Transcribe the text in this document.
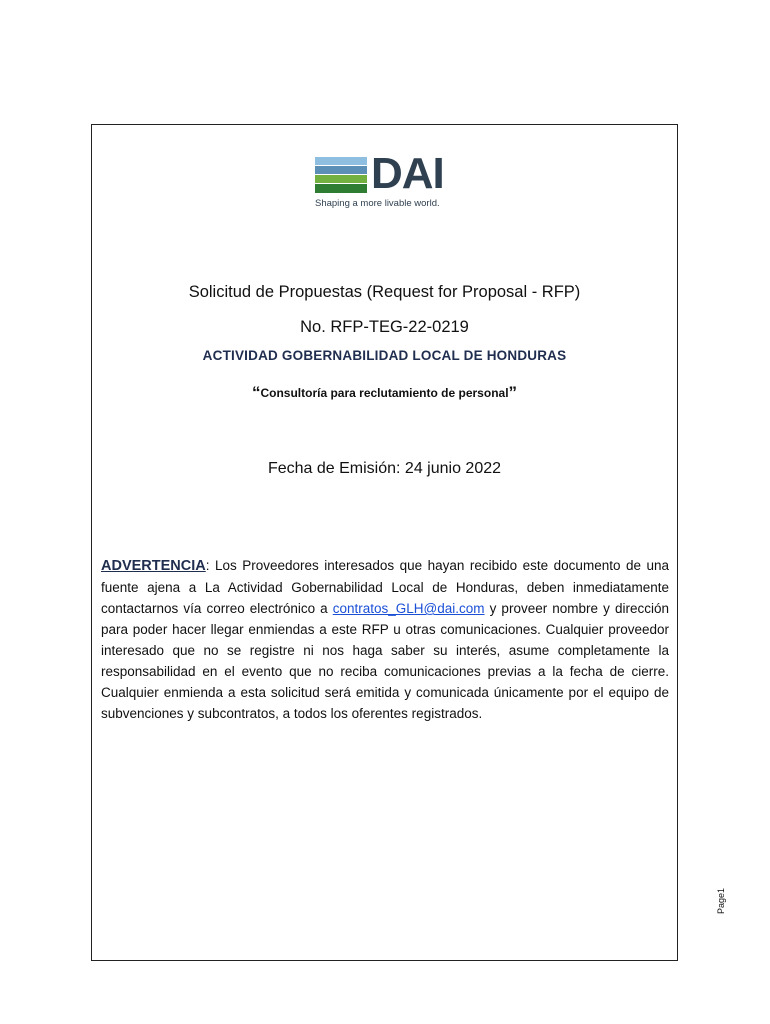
DAI
Shaping a more livable world.
Solicitud de Propuestas (Request for Proposal - RFP)
No. RFP-TEG-22-0219
ACTIVIDAD GOBERNABILIDAD LOCAL DE HONDURAS
“Consultoría para reclutamiento de personal”
Fecha de Emisión: 24 junio 2022

ADVERTENCIA: Los Proveedores interesados que hayan recibido este documento de una fuente ajena a La Actividad Gobernabilidad Local de Honduras, deben inmediatamente contactarnos vía correo electrónico a contratos_GLH@dai.com y proveer nombre y dirección para poder hacer llegar enmiendas a este RFP u otras comunicaciones. Cualquier proveedor interesado que no se registre ni nos haga saber su interés, asume completamente la responsabilidad en el evento que no reciba comunicaciones previas a la fecha de cierre. Cualquier enmienda a esta solicitud será emitida y comunicada únicamente por el equipo de subvenciones y subcontratos, a todos los oferentes registrados.

Page1
